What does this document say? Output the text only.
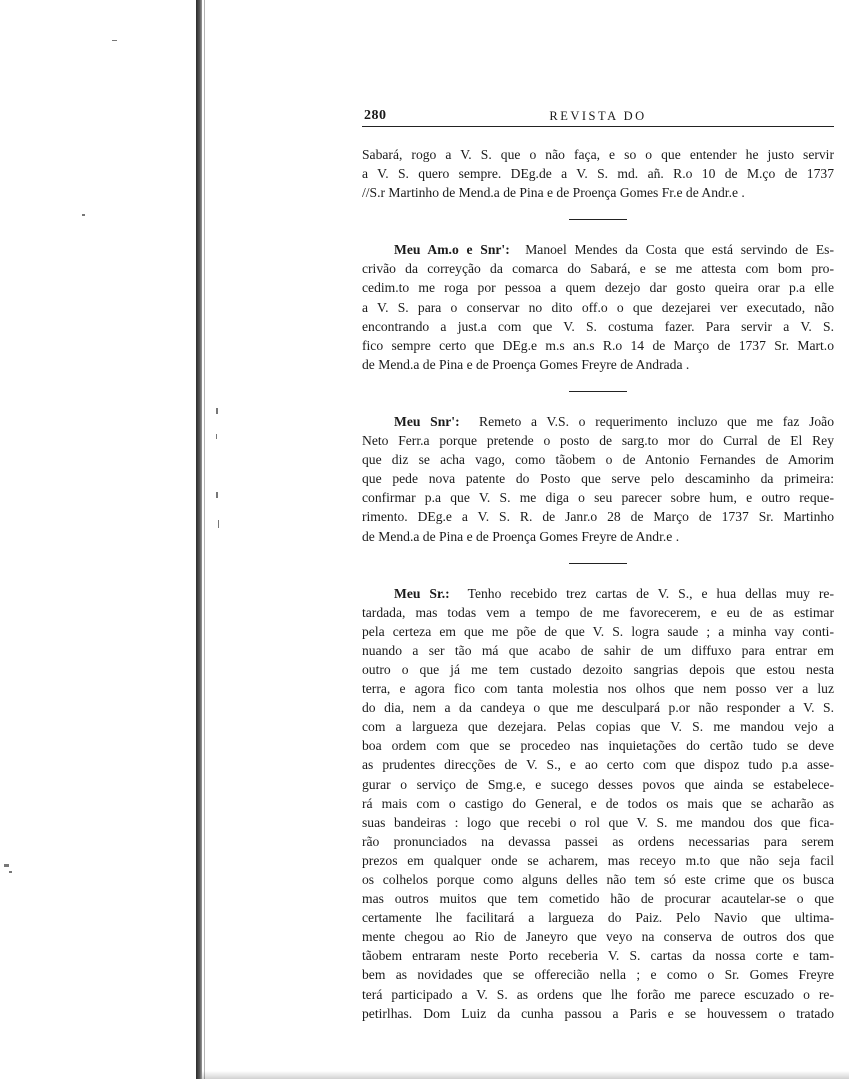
280	REVISTA DO
Sabará, rogo a V. S. que o não faça, e so o que entender he justo servir
a V. S. quero sempre. DEg.de a V. S. md. añ. R.o 10 de M.ço de 1737
//S.r Martinho de Mend.a de Pina e de Proença Gomes Fr.e de Andr.e .
Meu Am.o e Snr': Manoel Mendes da Costa que está servindo de Es-
crivão da correyção da comarca do Sabará, e se me attesta com bom pro-
cedim.to me roga por pessoa a quem dezejo dar gosto queira orar p.a elle
a V. S. para o conservar no dito off.o o que dezejarei ver executado, não
encontrando a just.a com que V. S. costuma fazer. Para servir a V. S.
fico sempre certo que DEg.e m.s an.s R.o 14 de Março de 1737 Sr. Mart.o
de Mend.a de Pina e de Proença Gomes Freyre de Andrada .
Meu Snr': Remeto a V.S. o requerimento incluzo que me faz João
Neto Ferr.a porque pretende o posto de sarg.to mor do Curral de El Rey
que diz se acha vago, como tãobem o de Antonio Fernandes de Amorim
que pede nova patente do Posto que serve pelo descaminho da primeira:
confirmar p.a que V. S. me diga o seu parecer sobre hum, e outro reque-
rimento. DEg.e a V. S. R. de Janr.o 28 de Março de 1737 Sr. Martinho
de Mend.a de Pina e de Proença Gomes Freyre de Andr.e .
Meu Sr.: Tenho recebido trez cartas de V. S., e hua dellas muy re-
tardada, mas todas vem a tempo de me favorecerem, e eu de as estimar
pela certeza em que me põe de que V. S. logra saude ; a minha vay conti-
nuando a ser tão má que acabo de sahir de um diffuxo para entrar em
outro o que já me tem custado dezoito sangrias depois que estou nesta
terra, e agora fico com tanta molestia nos olhos que nem posso ver a luz
do dia, nem a da candeya o que me desculpará p.or não responder a V. S.
com a largueza que dezejara. Pelas copias que V. S. me mandou vejo a
boa ordem com que se procedeo nas inquietações do certão tudo se deve
as prudentes direcções de V. S., e ao certo com que dispoz tudo p.a asse-
gurar o serviço de Smg.e, e sucego desses povos que ainda se estabelece-
rá mais com o castigo do General, e de todos os mais que se acharão as
suas bandeiras : logo que recebi o rol que V. S. me mandou dos que fica-
rão pronunciados na devassa passei as ordens necessarias para serem
prezos em qualquer onde se acharem, mas receyo m.to que não seja facil
os colhelos porque como alguns delles não tem só este crime que os busca
mas outros muitos que tem cometido hão de procurar acautelar-se o que
certamente lhe facilitará a largueza do Paiz. Pelo Navio que ultima-
mente chegou ao Rio de Janeyro que veyo na conserva de outros dos que
tãobem entraram neste Porto receberia V. S. cartas da nossa corte e tam-
bem as novidades que se offerecião nella ; e como o Sr. Gomes Freyre
terá participado a V. S. as ordens que lhe forão me parece escuzado o re-
petirlhas. Dom Luiz da cunha passou a Paris e se houvessem o tratado
